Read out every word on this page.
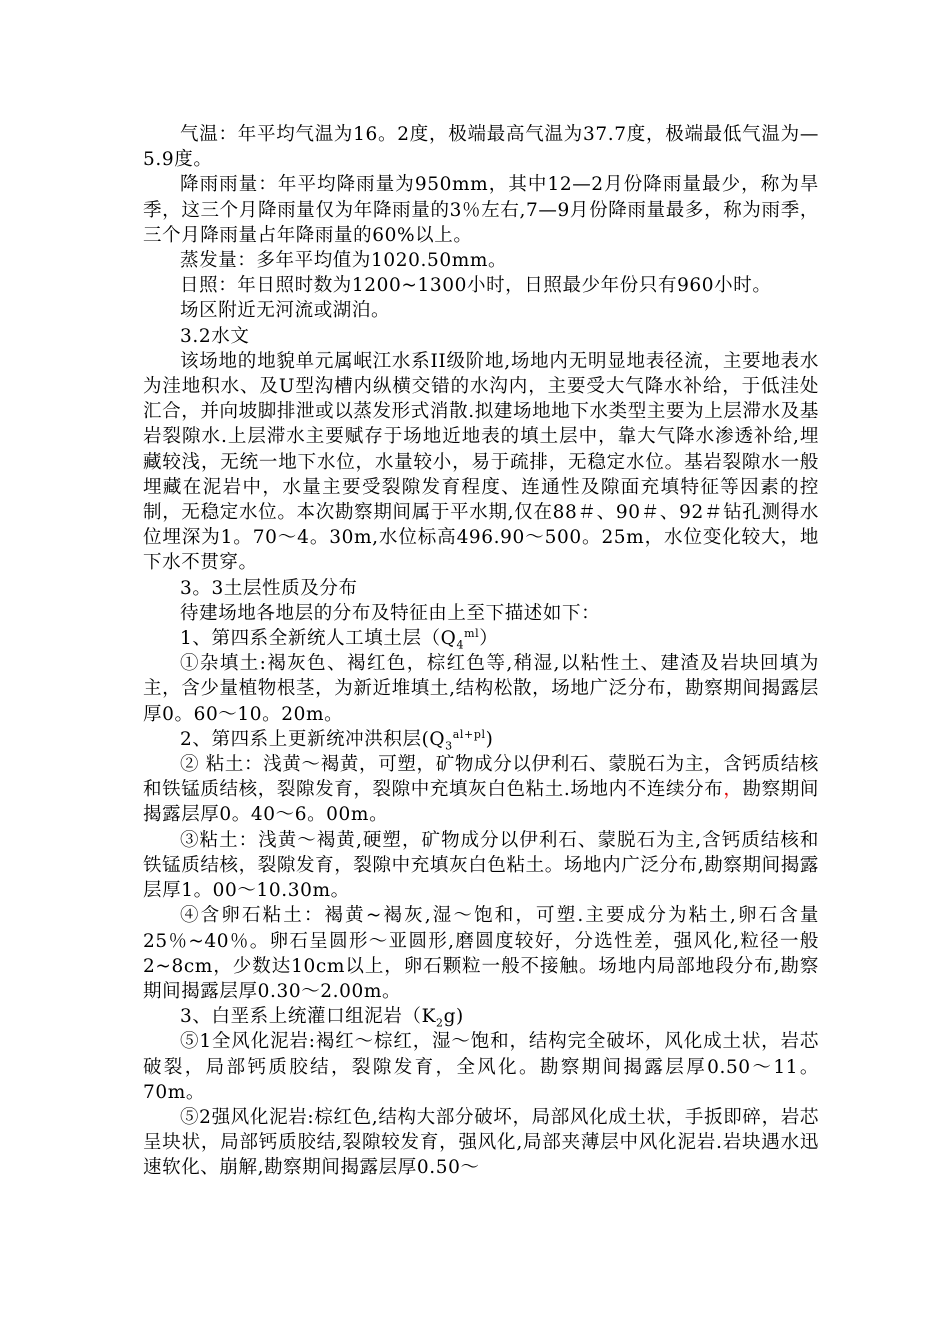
气温：年平均气温为16。2度，极端最高气温为37.7度，极端最低气温为—5.9度。

降雨雨量：年平均降雨量为950mm，其中12—2月份降雨量最少，称为旱季，这三个月降雨量仅为年降雨量的3％左右,7—9月份降雨量最多，称为雨季，三个月降雨量占年降雨量的60%以上。

蒸发量：多年平均值为1020.50mm。

日照：年日照时数为1200~1300小时，日照最少年份只有960小时。

场区附近无河流或湖泊。

3.2水文

该场地的地貌单元属岷江水系II级阶地,场地内无明显地表径流，主要地表水为洼地积水、及U型沟槽内纵横交错的水沟内，主要受大气降水补给，于低洼处汇合，并向坡脚排泄或以蒸发形式消散.拟建场地地下水类型主要为上层滞水及基岩裂隙水.上层滞水主要赋存于场地近地表的填土层中，靠大气降水渗透补给,埋藏较浅，无统一地下水位，水量较小，易于疏排，无稳定水位。基岩裂隙水一般埋藏在泥岩中，水量主要受裂隙发育程度、连通性及隙面充填特征等因素的控制，无稳定水位。本次勘察期间属于平水期,仅在88＃、90＃、92＃钻孔测得水位埋深为1。70～4。30m,水位标高496.90～500。25m，水位变化较大，地下水不贯穿。

3。3土层性质及分布

待建场地各地层的分布及特征由上至下描述如下：

1、第四系全新统人工填土层$(Q_4^{ml})$

①杂填土:褐灰色、褐红色，棕红色等,稍湿,以粘性土、建渣及岩块回填为主，含少量植物根茎，为新近堆填土,结构松散，场地广泛分布，勘察期间揭露层厚0。60～10。20m。

2、第四系上更新统冲洪积层$(Q_3^{al+pl})$

② 粘土：浅黄～褐黄，可塑，矿物成分以伊利石、蒙脱石为主，含钙质结核和铁锰质结核，裂隙发育，裂隙中充填灰白色粘土.场地内不连续分布，勘察期间揭露层厚0。40～6。00m。

③粘土：浅黄～褐黄,硬塑，矿物成分以伊利石、蒙脱石为主,含钙质结核和铁锰质结核，裂隙发育，裂隙中充填灰白色粘土。场地内广泛分布,勘察期间揭露层厚1。00～10.30m。

④含卵石粘土：褐黄~褐灰,湿～饱和，可塑.主要成分为粘土,卵石含量25％~40％。卵石呈圆形～亚圆形,磨圆度较好，分选性差，强风化,粒径一般2~8cm，少数达10cm以上，卵石颗粒一般不接触。场地内局部地段分布,勘察期间揭露层厚0.30～2.00m。

3、白垩系上统灌口组泥岩$(K_2g)$

⑤1全风化泥岩:褐红～棕红，湿～饱和，结构完全破坏，风化成土状，岩芯破裂，局部钙质胶结，裂隙发育，全风化。勘察期间揭露层厚0.50～11。70m。

⑤2强风化泥岩:棕红色,结构大部分破坏，局部风化成土状，手扳即碎，岩芯呈块状，局部钙质胶结,裂隙较发育，强风化,局部夹薄层中风化泥岩.岩块遇水迅速软化、崩解,勘察期间揭露层厚0.50～
